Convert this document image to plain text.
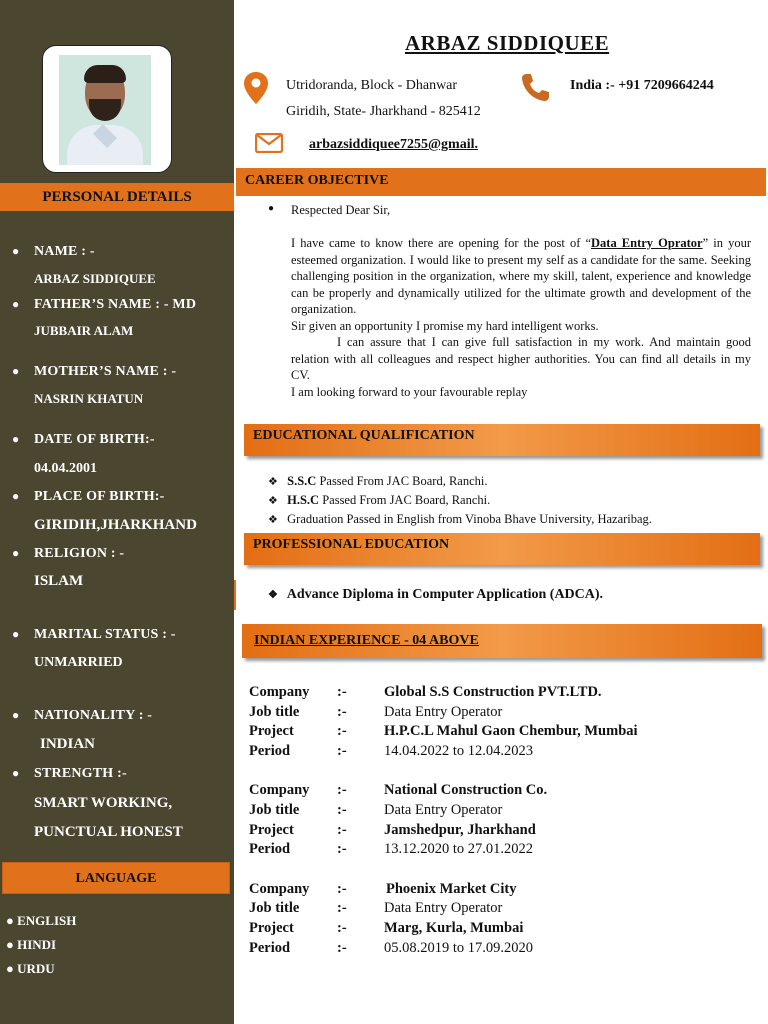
PERSONAL DETAILS
● NAME : -
ARBAZ SIDDIQUEE
● FATHER’S NAME : - MD
JUBBAIR ALAM
● MOTHER’S NAME : -
NASRIN KHATUN
● DATE OF BIRTH:-
04.04.2001
● PLACE OF BIRTH:-
GIRIDIH,JHARKHAND
● RELIGION : -
ISLAM
● MARITAL STATUS : -
UNMARRIED
● NATIONALITY : -
INDIAN
● STRENGTH :-
SMART WORKING,
PUNCTUAL HONEST
LANGUAGE
● ENGLISH
● HINDI
● URDU
ARBAZ SIDDIQUEE
Utridoranda, Block - Dhanwar
Giridih, State- Jharkhand - 825412
India :- +91 7209664244
arbazsiddiquee7255@gmail.
CAREER OBJECTIVE
● Respected Dear Sir,

I have came to know there are opening for the post of “Data Entry Oprator” in your esteemed organization. I would like to present my self as a candidate for the same. Seeking challenging position in the organization, where my skill, talent, experience and knowledge can be properly and dynamically utilized for the ultimate growth and development of the organization.

Sir given an opportunity I promise my hard intelligent works.

I can assure that I can give full satisfaction in my work. And maintain good relation with all colleagues and respect higher authorities. You can find all details in my CV.

I am looking forward to your favourable replay

EDUCATIONAL QUALIFICATION
❖ S.S.C Passed From JAC Board, Ranchi.
❖ H.S.C Passed From JAC Board, Ranchi.
❖ Graduation Passed in English from Vinoba Bhave University, Hazaribag.
PROFESSIONAL EDUCATION
❖ Advance Diploma in Computer Application (ADCA).
INDIAN EXPERIENCE - 04 ABOVE
Company :-	Global S.S Construction PVT.LTD.
Job title	:-	Data Entry Operator
Project	:-	H.P.C.L Mahul Gaon Chembur, Mumbai
Period	:-	14.04.2022 to 12.04.2023
Company :-	National Construction Co.
Job title	:-	Data Entry Operator
Project	:-	Jamshedpur, Jharkhand
Period	:-	13.12.2020 to 27.01.2022
Company :-	Phoenix Market City
Job title	:-	Data Entry Operator
Project	:-	Marg, Kurla, Mumbai
Period	:-	05.08.2019 to 17.09.2020
